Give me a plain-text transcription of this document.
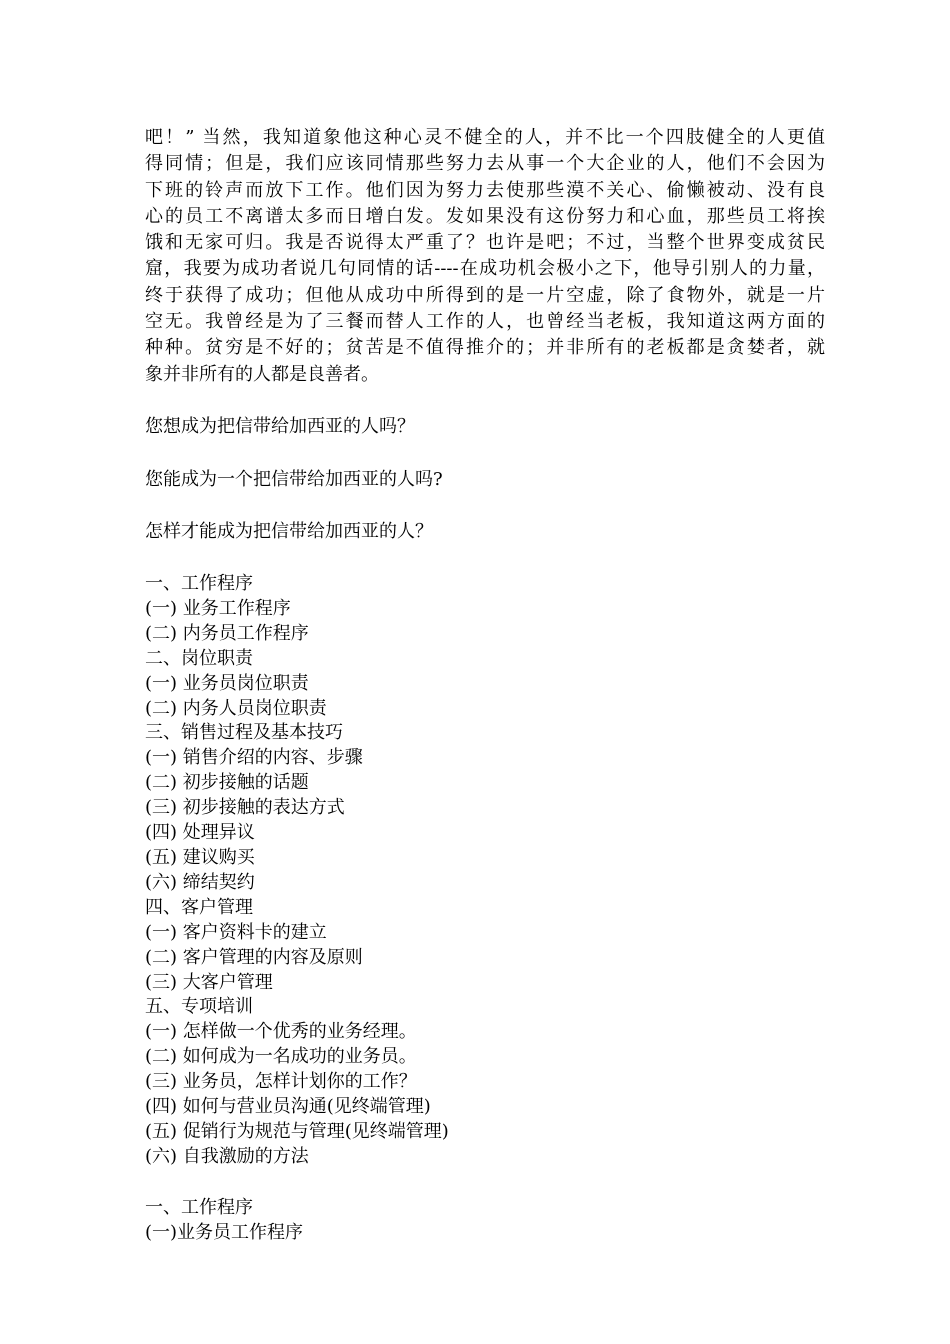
吧！” 当然，我知道象他这种心灵不健全的人，并不比一个四肢健全的人更值
得同情；但是，我们应该同情那些努力去从事一个大企业的人，他们不会因为
下班的铃声而放下工作。他们因为努力去使那些漠不关心、偷懒被动、没有良
心的员工不离谱太多而日增白发。发如果没有这份努力和心血，那些员工将挨
饿和无家可归。我是否说得太严重了？也许是吧；不过，当整个世界变成贫民
窟，我要为成功者说几句同情的话----在成功机会极小之下，他导引别人的力量，
终于获得了成功；但他从成功中所得到的是一片空虚，除了食物外，就是一片
空无。我曾经是为了三餐而替人工作的人，也曾经当老板，我知道这两方面的
种种。贫穷是不好的；贫苦是不值得推介的；并非所有的老板都是贪婪者，就
象并非所有的人都是良善者。

您想成为把信带给加西亚的人吗？

您能成为一个把信带给加西亚的人吗?

怎样才能成为把信带给加西亚的人？

一、工作程序
(一) 业务工作程序
(二) 内务员工作程序
二、岗位职责
(一) 业务员岗位职责
(二) 内务人员岗位职责
三、销售过程及基本技巧
(一) 销售介绍的内容、步骤
(二) 初步接触的话题
(三) 初步接触的表达方式
(四) 处理异议
(五) 建议购买
(六) 缔结契约
四、客户管理
(一) 客户资料卡的建立
(二) 客户管理的内容及原则
(三) 大客户管理
五、专项培训
(一) 怎样做一个优秀的业务经理。
(二) 如何成为一名成功的业务员。
(三) 业务员，怎样计划你的工作？
(四) 如何与营业员沟通(见终端管理)
(五) 促销行为规范与管理(见终端管理)
(六) 自我激励的方法
一、工作程序
(一)业务员工作程序
